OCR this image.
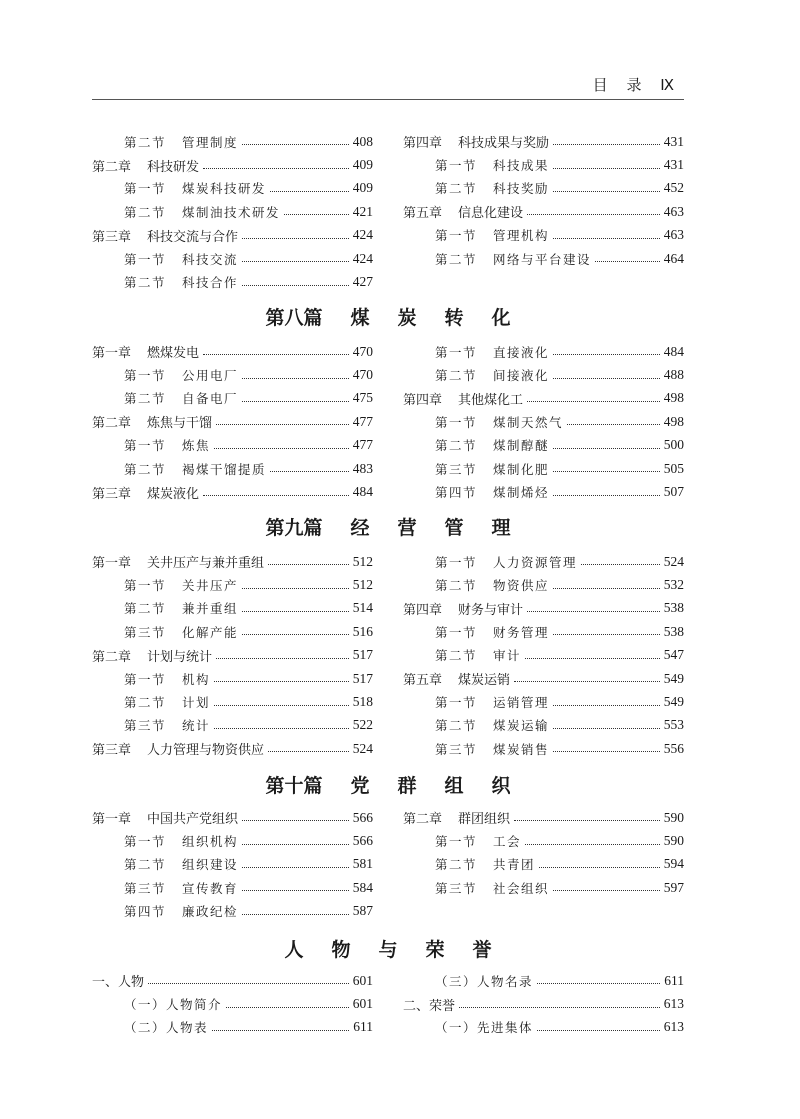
目 录 Ⅸ
第二节 管理制度	408
第二章 科技研发	409
第一节 煤炭科技研发	409
第二节 煤制油技术研发	421
第三章 科技交流与合作	424
第一节 科技交流	424
第二节 科技合作	427
第四章 科技成果与奖励	431
第一节 科技成果	431
第二节 科技奖励	452
第五章 信息化建设	463
第一节 管理机构	463
第二节 网络与平台建设	464
第八篇 煤 炭 转 化
第一章 燃煤发电	470
第一节 公用电厂	470
第二节 自备电厂	475
第二章 炼焦与干馏	477
第一节 炼焦	477
第二节 褐煤干馏提质	483
第三章 煤炭液化	484
第一节 直接液化	484
第二节 间接液化	488
第四章 其他煤化工	498
第一节 煤制天然气	498
第二节 煤制醇醚	500
第三节 煤制化肥	505
第四节 煤制烯烃	507
第九篇 经 营 管 理
第一章 关井压产与兼并重组	512
第一节 关井压产	512
第二节 兼并重组	514
第三节 化解产能	516
第二章 计划与统计	517
第一节 机构	517
第二节 计划	518
第三节 统计	522
第三章 人力管理与物资供应	524
第一节 人力资源管理	524
第二节 物资供应	532
第四章 财务与审计	538
第一节 财务管理	538
第二节 审计	547
第五章 煤炭运销	549
第一节 运销管理	549
第二节 煤炭运输	553
第三节 煤炭销售	556
第十篇 党 群 组 织
第一章 中国共产党组织	566
第一节 组织机构	566
第二节 组织建设	581
第三节 宣传教育	584
第四节 廉政纪检	587
第二章 群团组织	590
第一节 工会	590
第二节 共青团	594
第三节 社会组织	597
人 物 与 荣 誉
一、人物	601
（一）人物简介	601
（二）人物表	611
（三）人物名录	611
二、荣誉	613
（一）先进集体	613
